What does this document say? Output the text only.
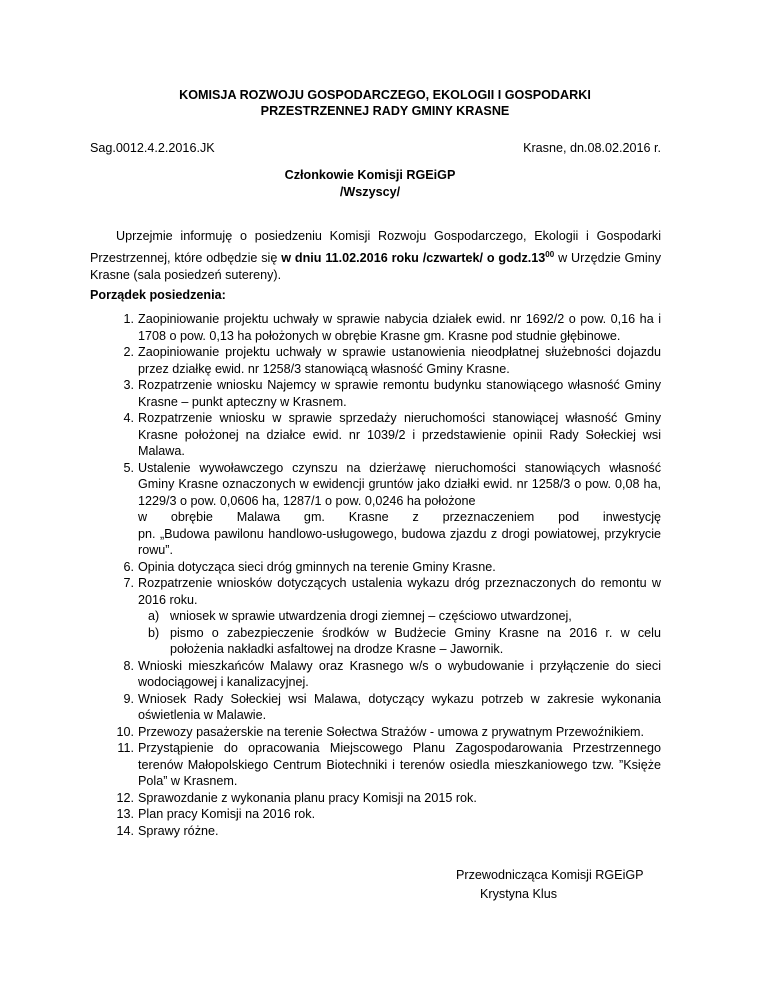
KOMISJA ROZWOJU GOSPODARCZEGO, EKOLOGII I GOSPODARKI
PRZESTRZENNEJ RADY GMINY KRASNE
Sag.0012.4.2.2016.JK	Krasne, dn.08.02.2016 r.
Członkowie Komisji RGEiGP
/Wszyscy/
Uprzejmie informuję o posiedzeniu Komisji Rozwoju Gospodarczego, Ekologii i Gospodarki Przestrzennej, które odbędzie się w dniu 11.02.2016 roku /czwartek/ o $godz.13^{00}$ w Urzędzie Gminy Krasne (sala posiedzeń sutereny).
Porządek posiedzenia:
1. Zaopiniowanie projektu uchwały w sprawie nabycia działek ewid. nr 1692/2 o pow. 0,16 ha i 1708 o pow. 0,13 ha położonych w obrębie Krasne gm. Krasne pod studnie głębinowe.
2. Zaopiniowanie projektu uchwały w sprawie ustanowienia nieodpłatnej służebności dojazdu przez działkę ewid. nr 1258/3 stanowiącą własność Gminy Krasne.
3. Rozpatrzenie wniosku Najemcy w sprawie remontu budynku stanowiącego własność Gminy Krasne – punkt apteczny w Krasnem.
4. Rozpatrzenie wniosku w sprawie sprzedaży nieruchomości stanowiącej własność Gminy Krasne położonej na działce ewid. nr 1039/2 i przedstawienie opinii Rady Sołeckiej wsi Malawa.
5. Ustalenie wywoławczego czynszu na dzierżawę nieruchomości stanowiących własność Gminy Krasne oznaczonych w ewidencji gruntów jako działki ewid. nr 1258/3 o pow. 0,08 ha, 1229/3 o pow. 0,0606 ha, 1287/1 o pow. 0,0246 ha położone
w obrębie Malawa gm. Krasne z przeznaczeniem pod inwestycję
pn. „Budowa pawilonu handlowo-usługowego, budowa zjazdu z drogi powiatowej, przykrycie rowu”.
6. Opinia dotycząca sieci dróg gminnych na terenie Gminy Krasne.
7. Rozpatrzenie wniosków dotyczących ustalenia wykazu dróg przeznaczonych do remontu w 2016 roku.
a) wniosek w sprawie utwardzenia drogi ziemnej – częściowo utwardzonej,
b) pismo o zabezpieczenie środków w Budżecie Gminy Krasne na 2016 r. w celu położenia nakładki asfaltowej na drodze Krasne – Jawornik.
8. Wnioski mieszkańców Malawy oraz Krasnego w/s o wybudowanie i przyłączenie do sieci wodociągowej i kanalizacyjnej.
9. Wniosek Rady Sołeckiej wsi Malawa, dotyczący wykazu potrzeb w zakresie wykonania oświetlenia w Malawie.
10. Przewozy pasażerskie na terenie Sołectwa Strażów - umowa z prywatnym Przewoźnikiem.
11. Przystąpienie do opracowania Miejscowego Planu Zagospodarowania Przestrzennego terenów Małopolskiego Centrum Biotechniki i terenów osiedla mieszkaniowego tzw. ”Księże Pola” w Krasnem.
12. Sprawozdanie z wykonania planu pracy Komisji na 2015 rok.
13. Plan pracy Komisji na 2016 rok.
14. Sprawy różne.
Przewodnicząca Komisji RGEiGP
Krystyna Klus
